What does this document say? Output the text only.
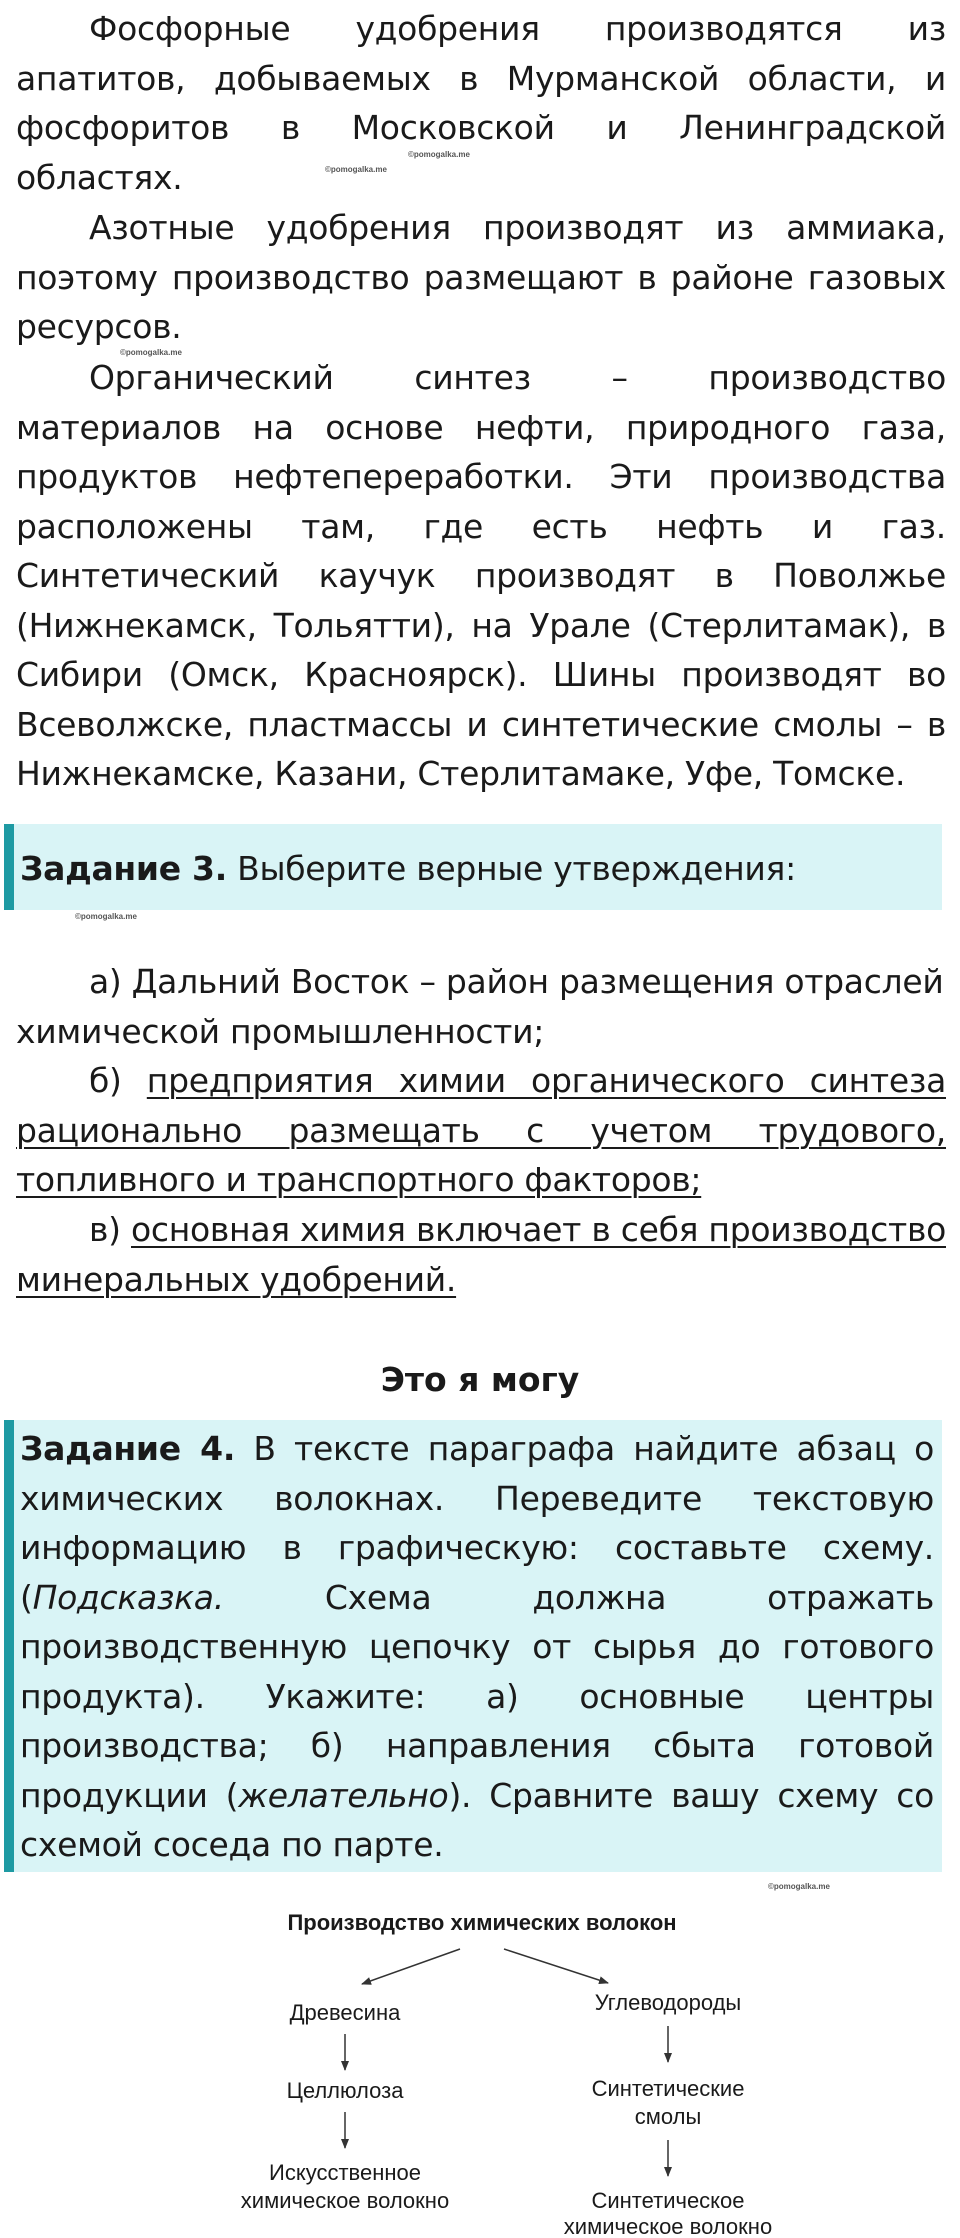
Фосфорные удобрения производятся из апатитов, добываемых в Мурманской области, и фосфоритов в Московской и Ленинградской областях.
©pomogalka.me
©pomogalka.me
Азотные удобрения производят из аммиака, поэтому производство размещают в районе газовых ресурсов.
©pomogalka.me
Органический синтез – производство материалов на основе нефти, природного газа, продуктов нефтепереработки. Эти производства расположены там, где есть нефть и газ. Синтетический каучук производят в Поволжье (Нижнекамск, Тольятти), на Урале (Стерлитамак), в Сибири (Омск, Красноярск). Шины производят во Всеволжске, пластмассы и синтетические смолы – в Нижнекамске, Казани, Стерлитамаке, Уфе, Томске.
Задание 3. Выберите верные утверждения:
©pomogalka.me
а) Дальний Восток – район размещения отраслей химической промышленности;
б) предприятия химии органического синтеза рационально размещать с учетом трудового, топливного и транспортного факторов;
в) основная химия включает в себя производство минеральных удобрений.
Это я могу
Задание 4. В тексте параграфа найдите абзац о химических волокнах. Переведите текстовую информацию в графическую: составьте схему. (Подсказка. Схема должна отражать производственную цепочку от сырья до готового продукта). Укажите: а) основные центры производства; б) направления сбыта готовой продукции (желательно). Сравните вашу схему со схемой соседа по парте.
©pomogalka.me
Производство химических волокон
Древесина	Углеводороды
Целлюлоза	Синтетические
смолы
Искусственное
химическое волокно	Синтетическое
химическое волокно
